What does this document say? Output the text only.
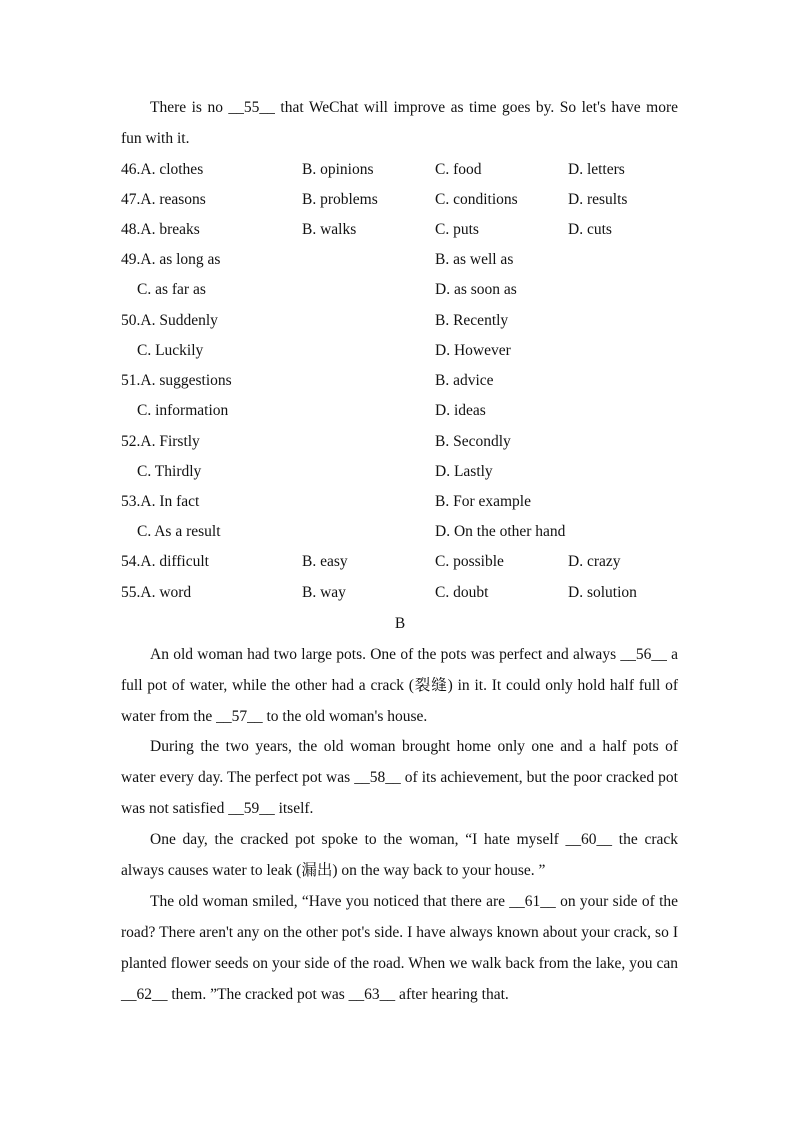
There is no __55__ that WeChat will improve as time goes by. So let's have more fun with it.

46.A. clothes	B. opinions	C. food	D. letters
47.A. reasons	B. problems	C. conditions	D. results
48.A. breaks	B. walks	C. puts	D. cuts
49.A. as long as	B. as well as
C. as far as	D. as soon as
50.A. Suddenly	B. Recently
C. Luckily	D. However
51.A. suggestions	B. advice
C. information	D. ideas
52.A. Firstly	B. Secondly
C. Thirdly	D. Lastly
53.A. In fact	B. For example
C. As a result	D. On the other hand
54.A. difficult	B. easy	C. possible	D. crazy
55.A. word	B. way	C. doubt	D. solution
B

An old woman had two large pots. One of the pots was perfect and always __56__ a full pot of water, while the other had a crack (裂缝) in it. It could only hold half full of water from the __57__ to the old woman's house.

During the two years, the old woman brought home only one and a half pots of water every day. The perfect pot was __58__ of its achievement, but the poor cracked pot was not satisfied __59__ itself.

One day, the cracked pot spoke to the woman, “I hate myself __60__ the crack always causes water to leak (漏出) on the way back to your house. ”

The old woman smiled, “Have you noticed that there are __61__ on your side of the road? There aren't any on the other pot's side. I have always known about your crack, so I planted flower seeds on your side of the road. When we walk back from the lake, you can __62__ them. ”The cracked pot was __63__ after hearing that.
